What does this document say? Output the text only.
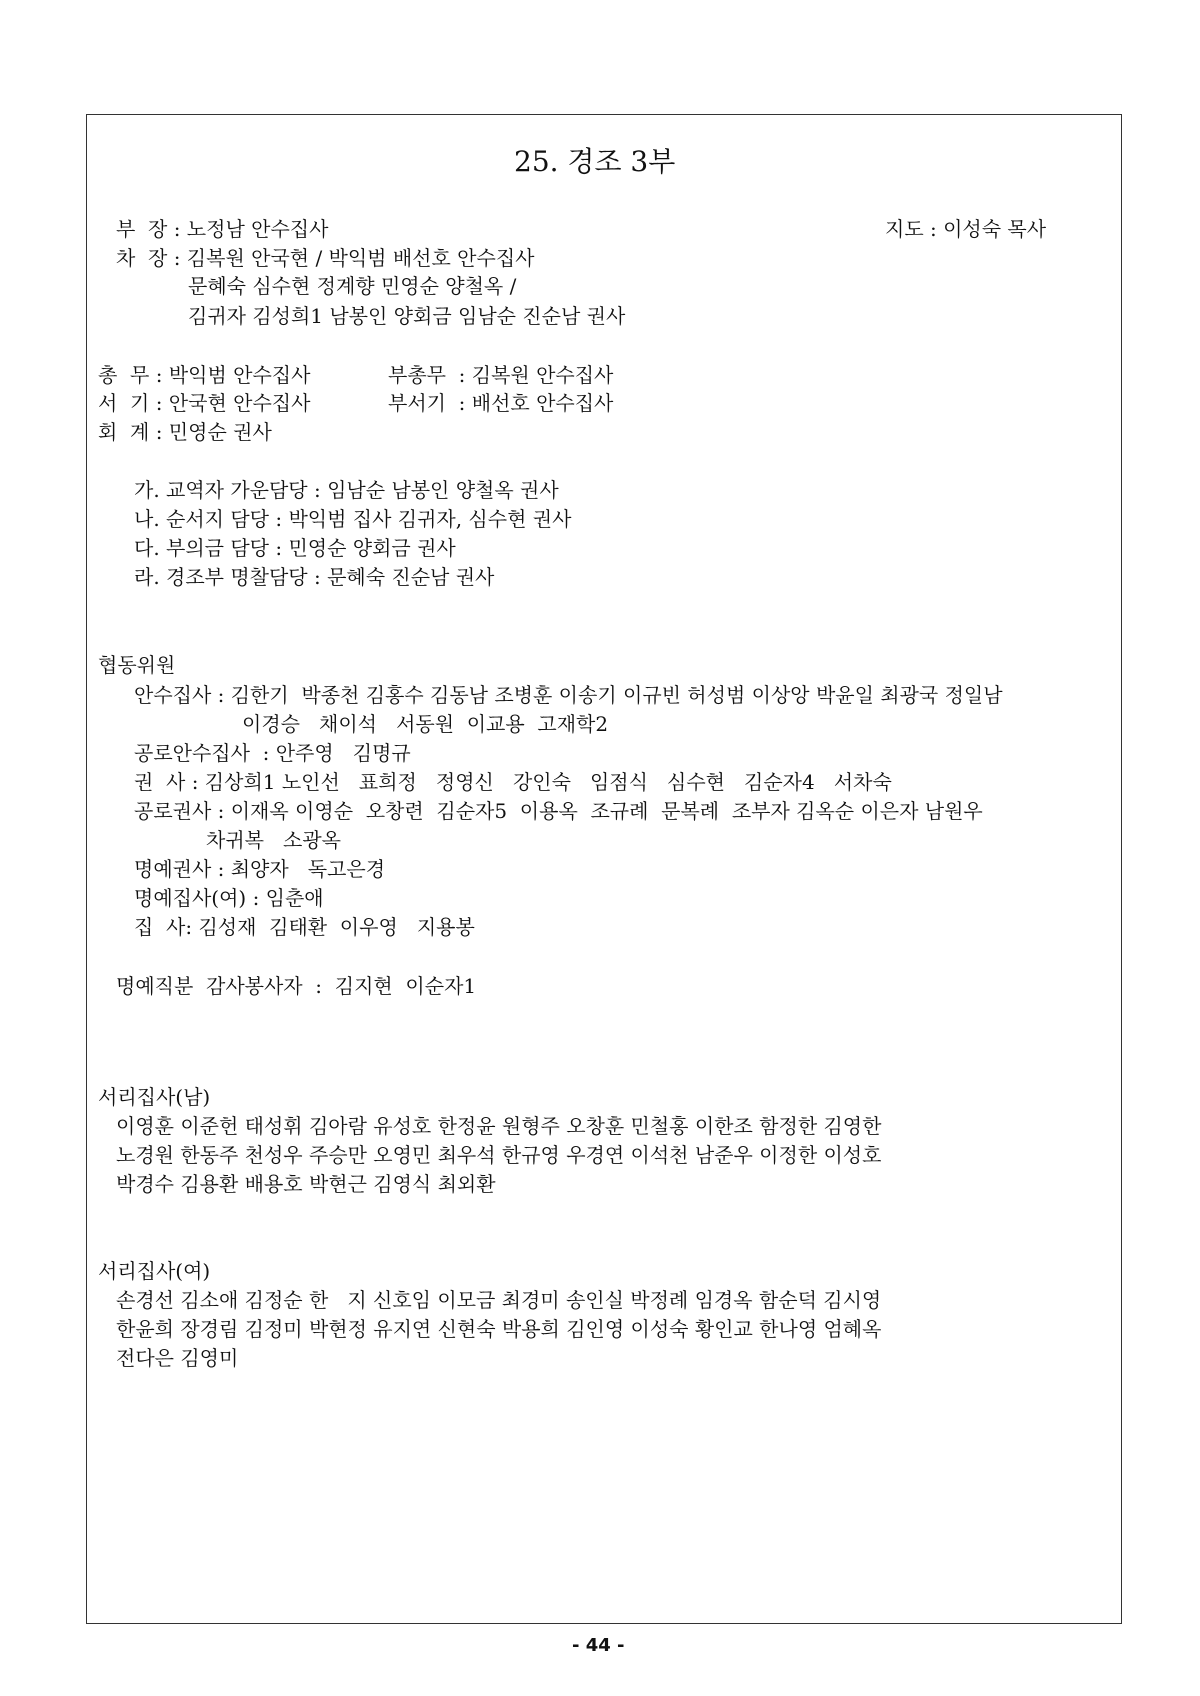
25. 경조 3부
부  장 : 노정남 안수집사	지도 : 이성숙 목사
차  장 : 김복원 안국현 / 박익범 배선호 안수집사
문혜숙 심수현 정계향 민영순 양철옥 /
김귀자 김성희1 남봉인 양회금 임남순 진순남 권사
총  무 : 박익범 안수집사	부총무  : 김복원 안수집사
서  기 : 안국현 안수집사	부서기  : 배선호 안수집사
회  계 : 민영순 권사
가. 교역자 가운담당 : 임남순 남봉인 양철옥 권사
나. 순서지 담당 : 박익범 집사 김귀자, 심수현 권사
다. 부의금 담당 : 민영순 양회금 권사
라. 경조부 명찰담당 : 문혜숙 진순남 권사
협동위원
안수집사 : 김한기  박종천 김홍수 김동남 조병훈 이송기 이규빈 허성범 이상앙 박윤일 최광국 정일남
이경승   채이석   서동원  이교용  고재학2
공로안수집사  : 안주영   김명규
권  사 : 김상희1 노인선   표희정   정영신   강인숙   임점식   심수현   김순자4   서차숙
공로권사 : 이재옥 이영순  오창련  김순자5  이용옥  조규례  문복례  조부자 김옥순 이은자 남원우
차귀복   소광옥
명예권사 : 최양자   독고은경
명예집사(여) : 임춘애
집  사: 김성재  김태환  이우영   지용봉
명예직분  감사봉사자  :  김지현  이순자1
서리집사(남)
이영훈 이준헌 태성휘 김아람 유성호 한정윤 원형주 오창훈 민철홍 이한조 함정한 김영한
노경원 한동주 천성우 주승만 오영민 최우석 한규영 우경연 이석천 남준우 이정한 이성호
박경수 김용환 배용호 박현근 김영식 최외환
서리집사(여)
손경선 김소애 김정순 한   지 신호임 이모금 최경미 송인실 박정례 임경옥 함순덕 김시영
한윤희 장경림 김정미 박현정 유지연 신현숙 박용희 김인영 이성숙 황인교 한나영 엄혜옥
전다은 김영미
- 44 -
